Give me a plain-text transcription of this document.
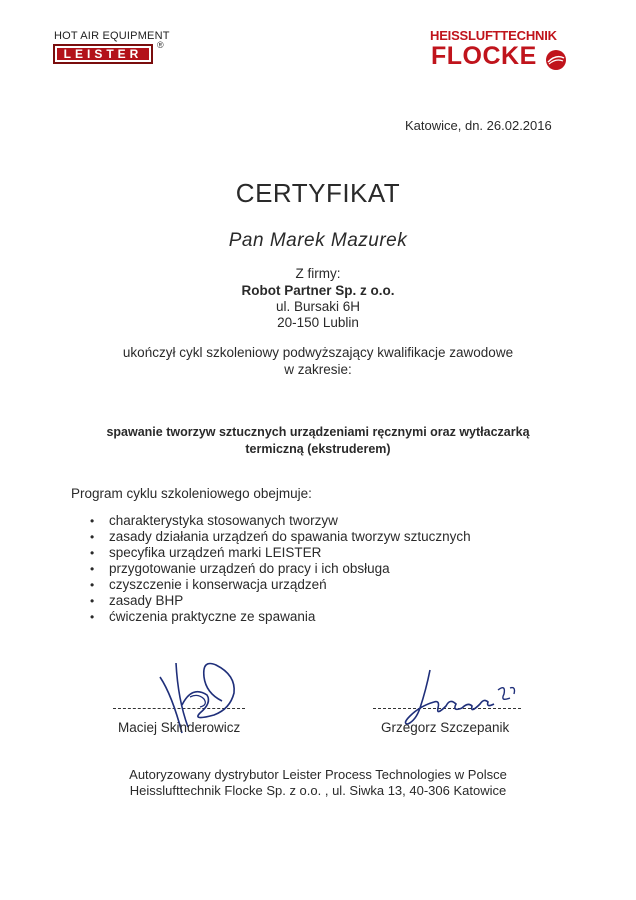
HOT AIR EQUIPMENT
LEISTER
®
HEISSLUFTTECHNIK
FLOCKE
Katowice, dn. 26.02.2016
CERTYFIKAT
Pan Marek Mazurek
Z firmy:
Robot Partner Sp. z o.o.
ul. Bursaki 6H
20-150 Lublin
ukończył cykl szkoleniowy podwyższający kwalifikacje zawodowe
w zakresie:
spawanie tworzyw sztucznych urządzeniami ręcznymi oraz wytłaczarką
termiczną (ekstruderem)
Program cyklu szkoleniowego obejmuje:
• charakterystyka stosowanych tworzyw
• zasady działania urządzeń do spawania tworzyw sztucznych
• specyfika urządzeń marki LEISTER
• przygotowanie urządzeń do pracy i ich obsługa
• czyszczenie i konserwacja urządzeń
• zasady BHP
• ćwiczenia praktyczne ze spawania
Maciej Skinderowicz	Grzegorz Szczepanik
Autoryzowany dystrybutor Leister Process Technologies w Polsce
Heisslufttechnik Flocke Sp. z o.o. , ul. Siwka 13, 40-306 Katowice
